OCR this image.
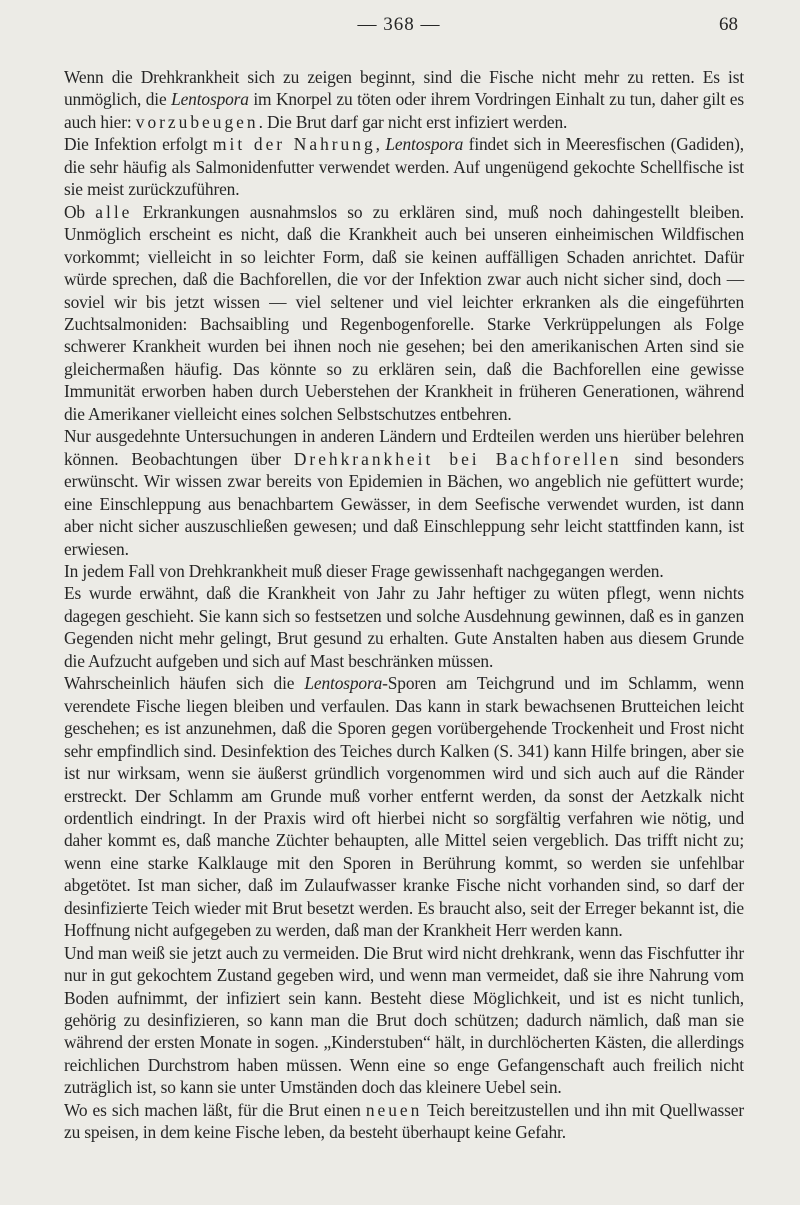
— 368 —	68

Wenn die Drehkrankheit sich zu zeigen beginnt, sind die Fische nicht mehr zu retten. Es ist unmöglich, die Lentospora im Knorpel zu töten oder ihrem Vordringen Einhalt zu tun, daher gilt es auch hier: vorzubeugen. Die Brut darf gar nicht erst infiziert werden.

Die Infektion erfolgt mit der Nahrung, Lentospora findet sich in Meeresfischen (Gadiden), die sehr häufig als Salmonidenfutter verwendet werden. Auf ungenügend gekochte Schellfische ist sie meist zurückzuführen.

Ob alle Erkrankungen ausnahmslos so zu erklären sind, muß noch dahingestellt bleiben. Unmöglich erscheint es nicht, daß die Krankheit auch bei unseren einheimischen Wildfischen vorkommt; vielleicht in so leichter Form, daß sie keinen auffälligen Schaden anrichtet. Dafür würde sprechen, daß die Bachforellen, die vor der Infektion zwar auch nicht sicher sind, doch — soviel wir bis jetzt wissen — viel seltener und viel leichter erkranken als die eingeführten Zuchtsalmoniden: Bachsaibling und Regenbogenforelle. Starke Verkrüppelungen als Folge schwerer Krankheit wurden bei ihnen noch nie gesehen; bei den amerikanischen Arten sind sie gleichermaßen häufig. Das könnte so zu erklären sein, daß die Bachforellen eine gewisse Immunität erworben haben durch Ueberstehen der Krankheit in früheren Generationen, während die Amerikaner vielleicht eines solchen Selbstschutzes entbehren.

Nur ausgedehnte Untersuchungen in anderen Ländern und Erdteilen werden uns hierüber belehren können. Beobachtungen über Drehkrankheit bei Bachforellen sind besonders erwünscht. Wir wissen zwar bereits von Epidemien in Bächen, wo angeblich nie gefüttert wurde; eine Einschleppung aus benachbartem Gewässer, in dem Seefische verwendet wurden, ist dann aber nicht sicher auszuschließen gewesen; und daß Einschleppung sehr leicht stattfinden kann, ist erwiesen.

In jedem Fall von Drehkrankheit muß dieser Frage gewissenhaft nachgegangen werden.

Es wurde erwähnt, daß die Krankheit von Jahr zu Jahr heftiger zu wüten pflegt, wenn nichts dagegen geschieht. Sie kann sich so festsetzen und solche Ausdehnung gewinnen, daß es in ganzen Gegenden nicht mehr gelingt, Brut gesund zu erhalten. Gute Anstalten haben aus diesem Grunde die Aufzucht aufgeben und sich auf Mast beschränken müssen.

Wahrscheinlich häufen sich die Lentospora-Sporen am Teichgrund und im Schlamm, wenn verendete Fische liegen bleiben und verfaulen. Das kann in stark bewachsenen Brutteichen leicht geschehen; es ist anzunehmen, daß die Sporen gegen vorübergehende Trockenheit und Frost nicht sehr empfindlich sind. Desinfektion des Teiches durch Kalken (S. 341) kann Hilfe bringen, aber sie ist nur wirksam, wenn sie äußerst gründlich vorgenommen wird und sich auch auf die Ränder erstreckt. Der Schlamm am Grunde muß vorher entfernt werden, da sonst der Aetzkalk nicht ordentlich eindringt. In der Praxis wird oft hierbei nicht so sorgfältig verfahren wie nötig, und daher kommt es, daß manche Züchter behaupten, alle Mittel seien vergeblich. Das trifft nicht zu; wenn eine starke Kalklauge mit den Sporen in Berührung kommt, so werden sie unfehlbar abgetötet. Ist man sicher, daß im Zulaufwasser kranke Fische nicht vorhanden sind, so darf der desinfizierte Teich wieder mit Brut besetzt werden. Es braucht also, seit der Erreger bekannt ist, die Hoffnung nicht aufgegeben zu werden, daß man der Krankheit Herr werden kann.

Und man weiß sie jetzt auch zu vermeiden. Die Brut wird nicht drehkrank, wenn das Fischfutter ihr nur in gut gekochtem Zustand gegeben wird, und wenn man vermeidet, daß sie ihre Nahrung vom Boden aufnimmt, der infiziert sein kann. Besteht diese Möglichkeit, und ist es nicht tunlich, gehörig zu desinfizieren, so kann man die Brut doch schützen; dadurch nämlich, daß man sie während der ersten Monate in sogen. „Kinderstuben“ hält, in durchlöcherten Kästen, die allerdings reichlichen Durchstrom haben müssen. Wenn eine so enge Gefangenschaft auch freilich nicht zuträglich ist, so kann sie unter Umständen doch das kleinere Uebel sein.

Wo es sich machen läßt, für die Brut einen neuen Teich bereitzustellen und ihn mit Quellwasser zu speisen, in dem keine Fische leben, da besteht überhaupt keine Gefahr.
